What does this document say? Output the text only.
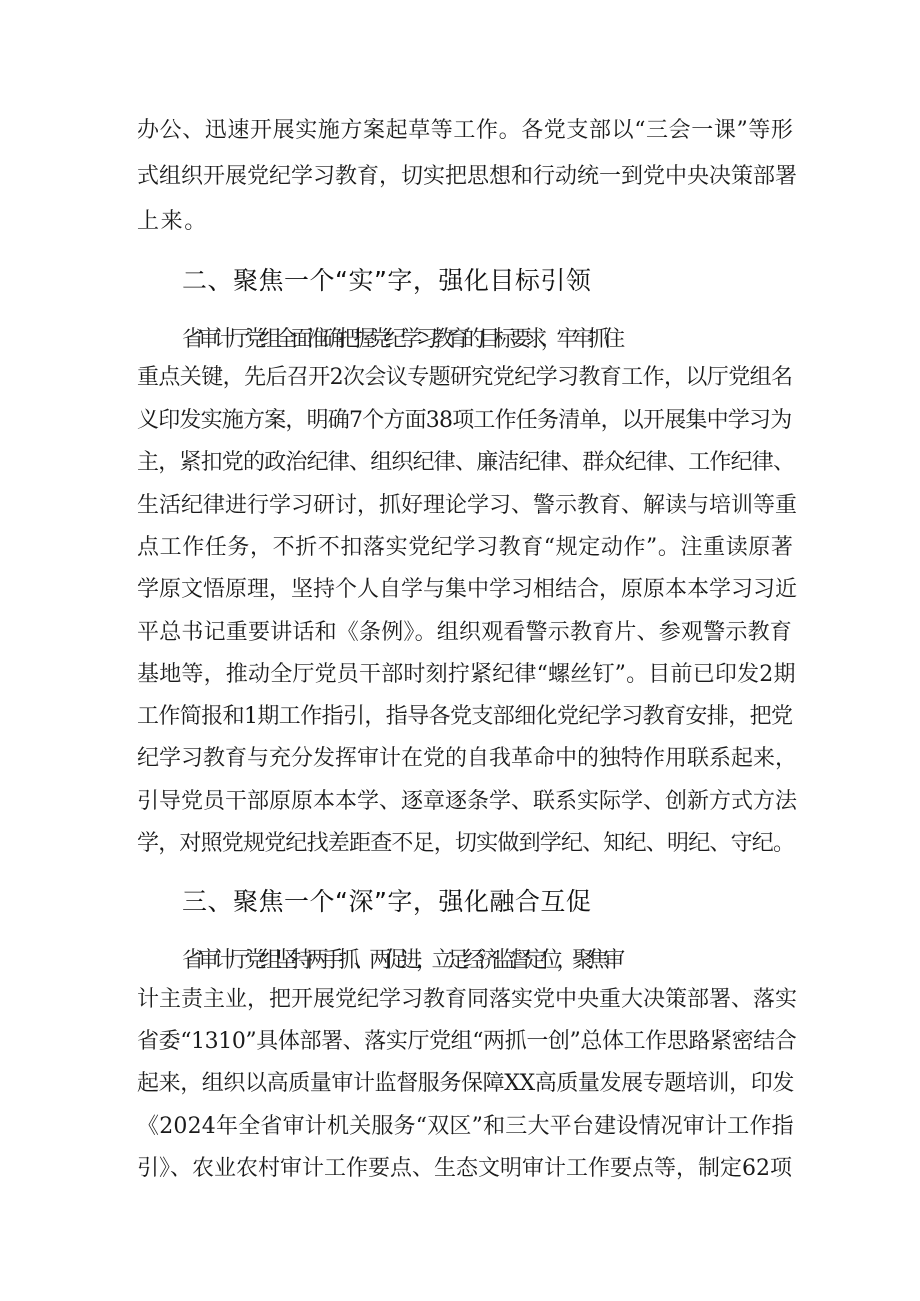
办公、迅速开展实施方案起草等工作。各党支部以“三会一课”等形
式组织开展党纪学习教育，切实把思想和行动统一到党中央决策部署
上来。
二、聚焦一个“实”字，强化目标引领
省审计厅党组全面准确把握党纪学习教育的目标要求，牢牢抓住
重点关键，先后召开2次会议专题研究党纪学习教育工作，以厅党组名
义印发实施方案，明确7个方面38项工作任务清单，以开展集中学习为
主，紧扣党的政治纪律、组织纪律、廉洁纪律、群众纪律、工作纪律、
生活纪律进行学习研讨，抓好理论学习、警示教育、解读与培训等重
点工作任务，不折不扣落实党纪学习教育“规定动作”。注重读原著
学原文悟原理，坚持个人自学与集中学习相结合，原原本本学习习近
平总书记重要讲话和《条例》。组织观看警示教育片、参观警示教育
基地等，推动全厅党员干部时刻拧紧纪律“螺丝钉”。目前已印发2期
工作简报和1期工作指引，指导各党支部细化党纪学习教育安排，把党
纪学习教育与充分发挥审计在党的自我革命中的独特作用联系起来，
引导党员干部原原本本学、逐章逐条学、联系实际学、创新方式方法
学，对照党规党纪找差距查不足，切实做到学纪、知纪、明纪、守纪。
三、聚焦一个“深”字，强化融合互促
省审计厅党组坚持两手抓、两促进，立足经济监督定位，聚焦审
计主责主业，把开展党纪学习教育同落实党中央重大决策部署、落实
省委“1310”具体部署、落实厅党组“两抓一创”总体工作思路紧密结合
起来，组织以高质量审计监督服务保障XX高质量发展专题培训，印发
《2024年全省审计机关服务“双区”和三大平台建设情况审计工作指
引》、农业农村审计工作要点、生态文明审计工作要点等，制定62项
